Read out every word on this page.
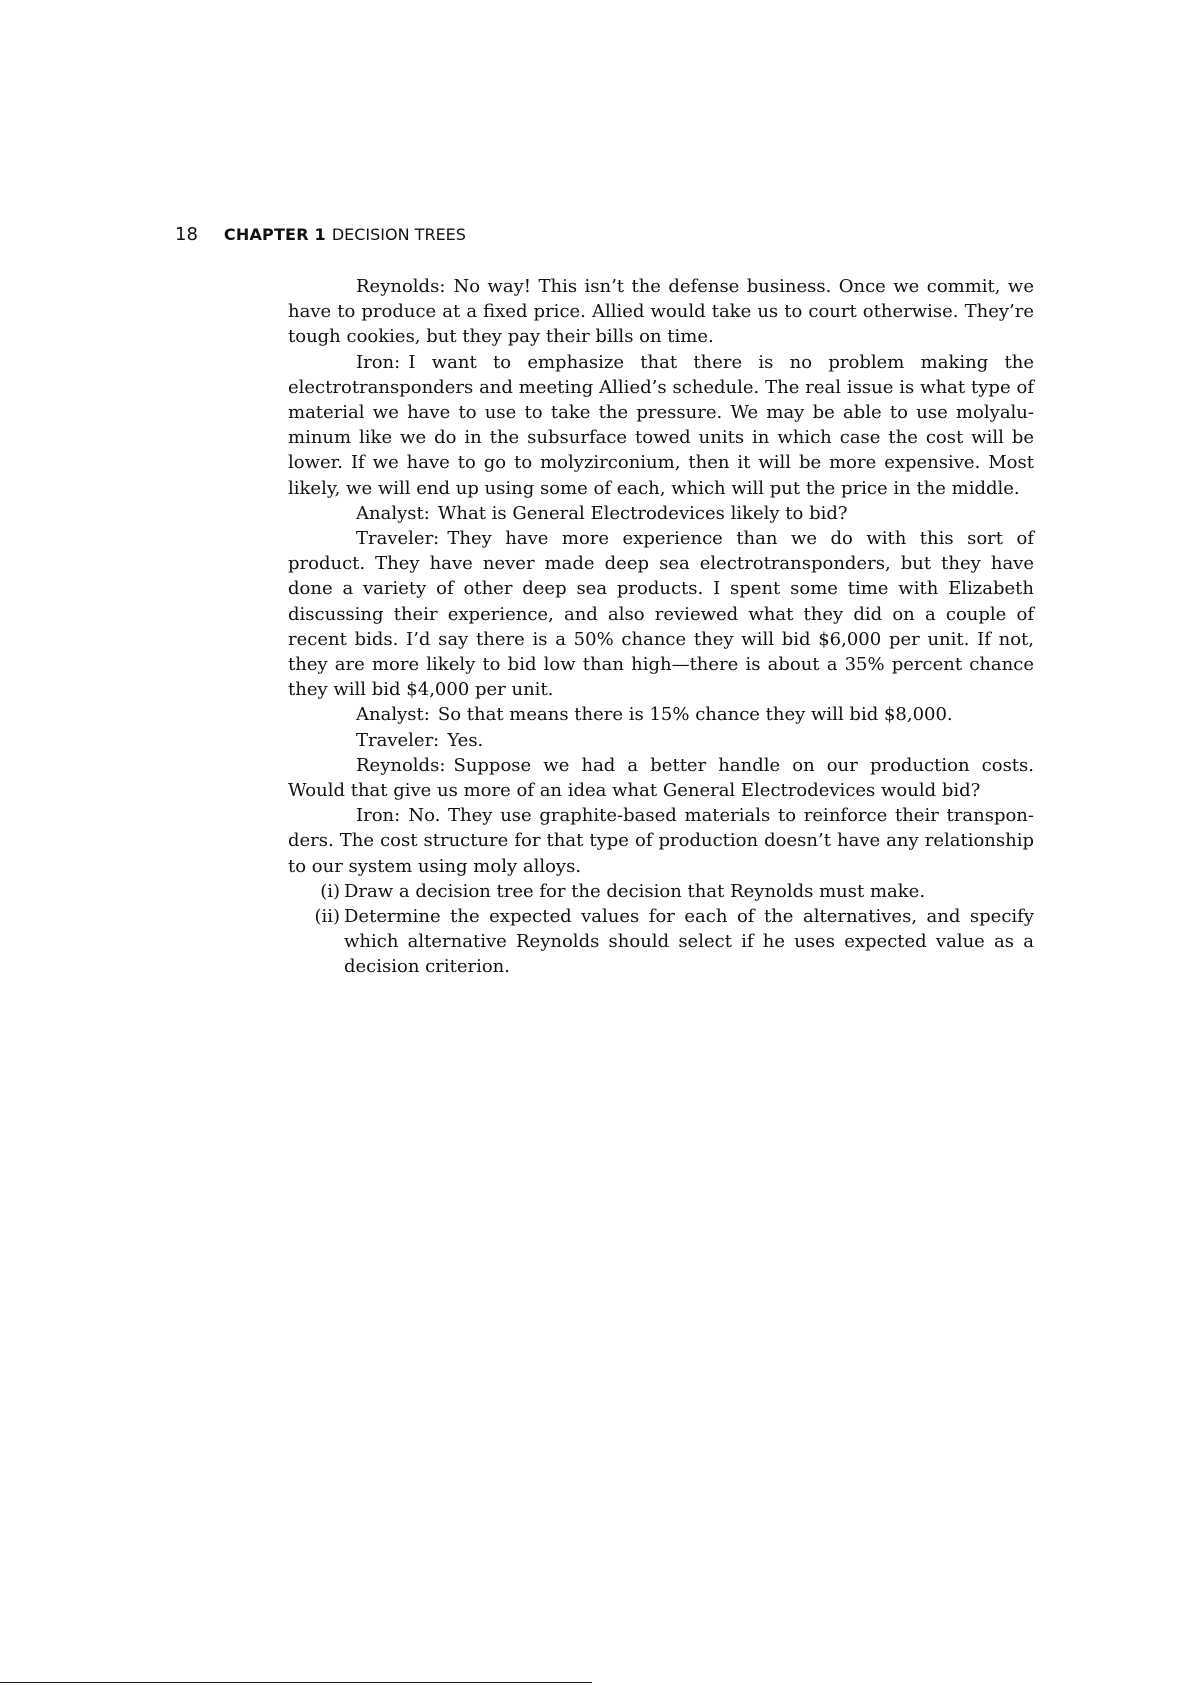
18 CHAPTER 1 DECISION TREES

Reynolds: No way! This isn’t the defense business. Once we commit, we have to produce at a fixed price. Allied would take us to court otherwise. They’re tough cookies, but they pay their bills on time.

Iron: I want to emphasize that there is no problem making the electrotransponders and meeting Allied’s schedule. The real issue is what type of material we have to use to take the pressure. We may be able to use molyaluminum like we do in the subsurface towed units in which case the cost will be lower. If we have to go to molyzirconium, then it will be more expensive. Most likely, we will end up using some of each, which will put the price in the middle.

Analyst: What is General Electrodevices likely to bid?

Traveler: They have more experience than we do with this sort of product. They have never made deep sea electrotransponders, but they have done a variety of other deep sea products. I spent some time with Elizabeth discussing their experience, and also reviewed what they did on a couple of recent bids. I’d say there is a 50% chance they will bid $6,000 per unit. If not, they are more likely to bid low than high—there is about a 35% percent chance they will bid $4,000 per unit.

Analyst: So that means there is 15% chance they will bid $8,000.

Traveler: Yes.

Reynolds: Suppose we had a better handle on our production costs. Would that give us more of an idea what General Electrodevices would bid?

Iron: No. They use graphite-based materials to reinforce their transponders. The cost structure for that type of production doesn’t have any relationship to our system using moly alloys.

(i) Draw a decision tree for the decision that Reynolds must make.
(ii) Determine the expected values for each of the alternatives, and specify which alternative Reynolds should select if he uses expected value as a decision criterion.
